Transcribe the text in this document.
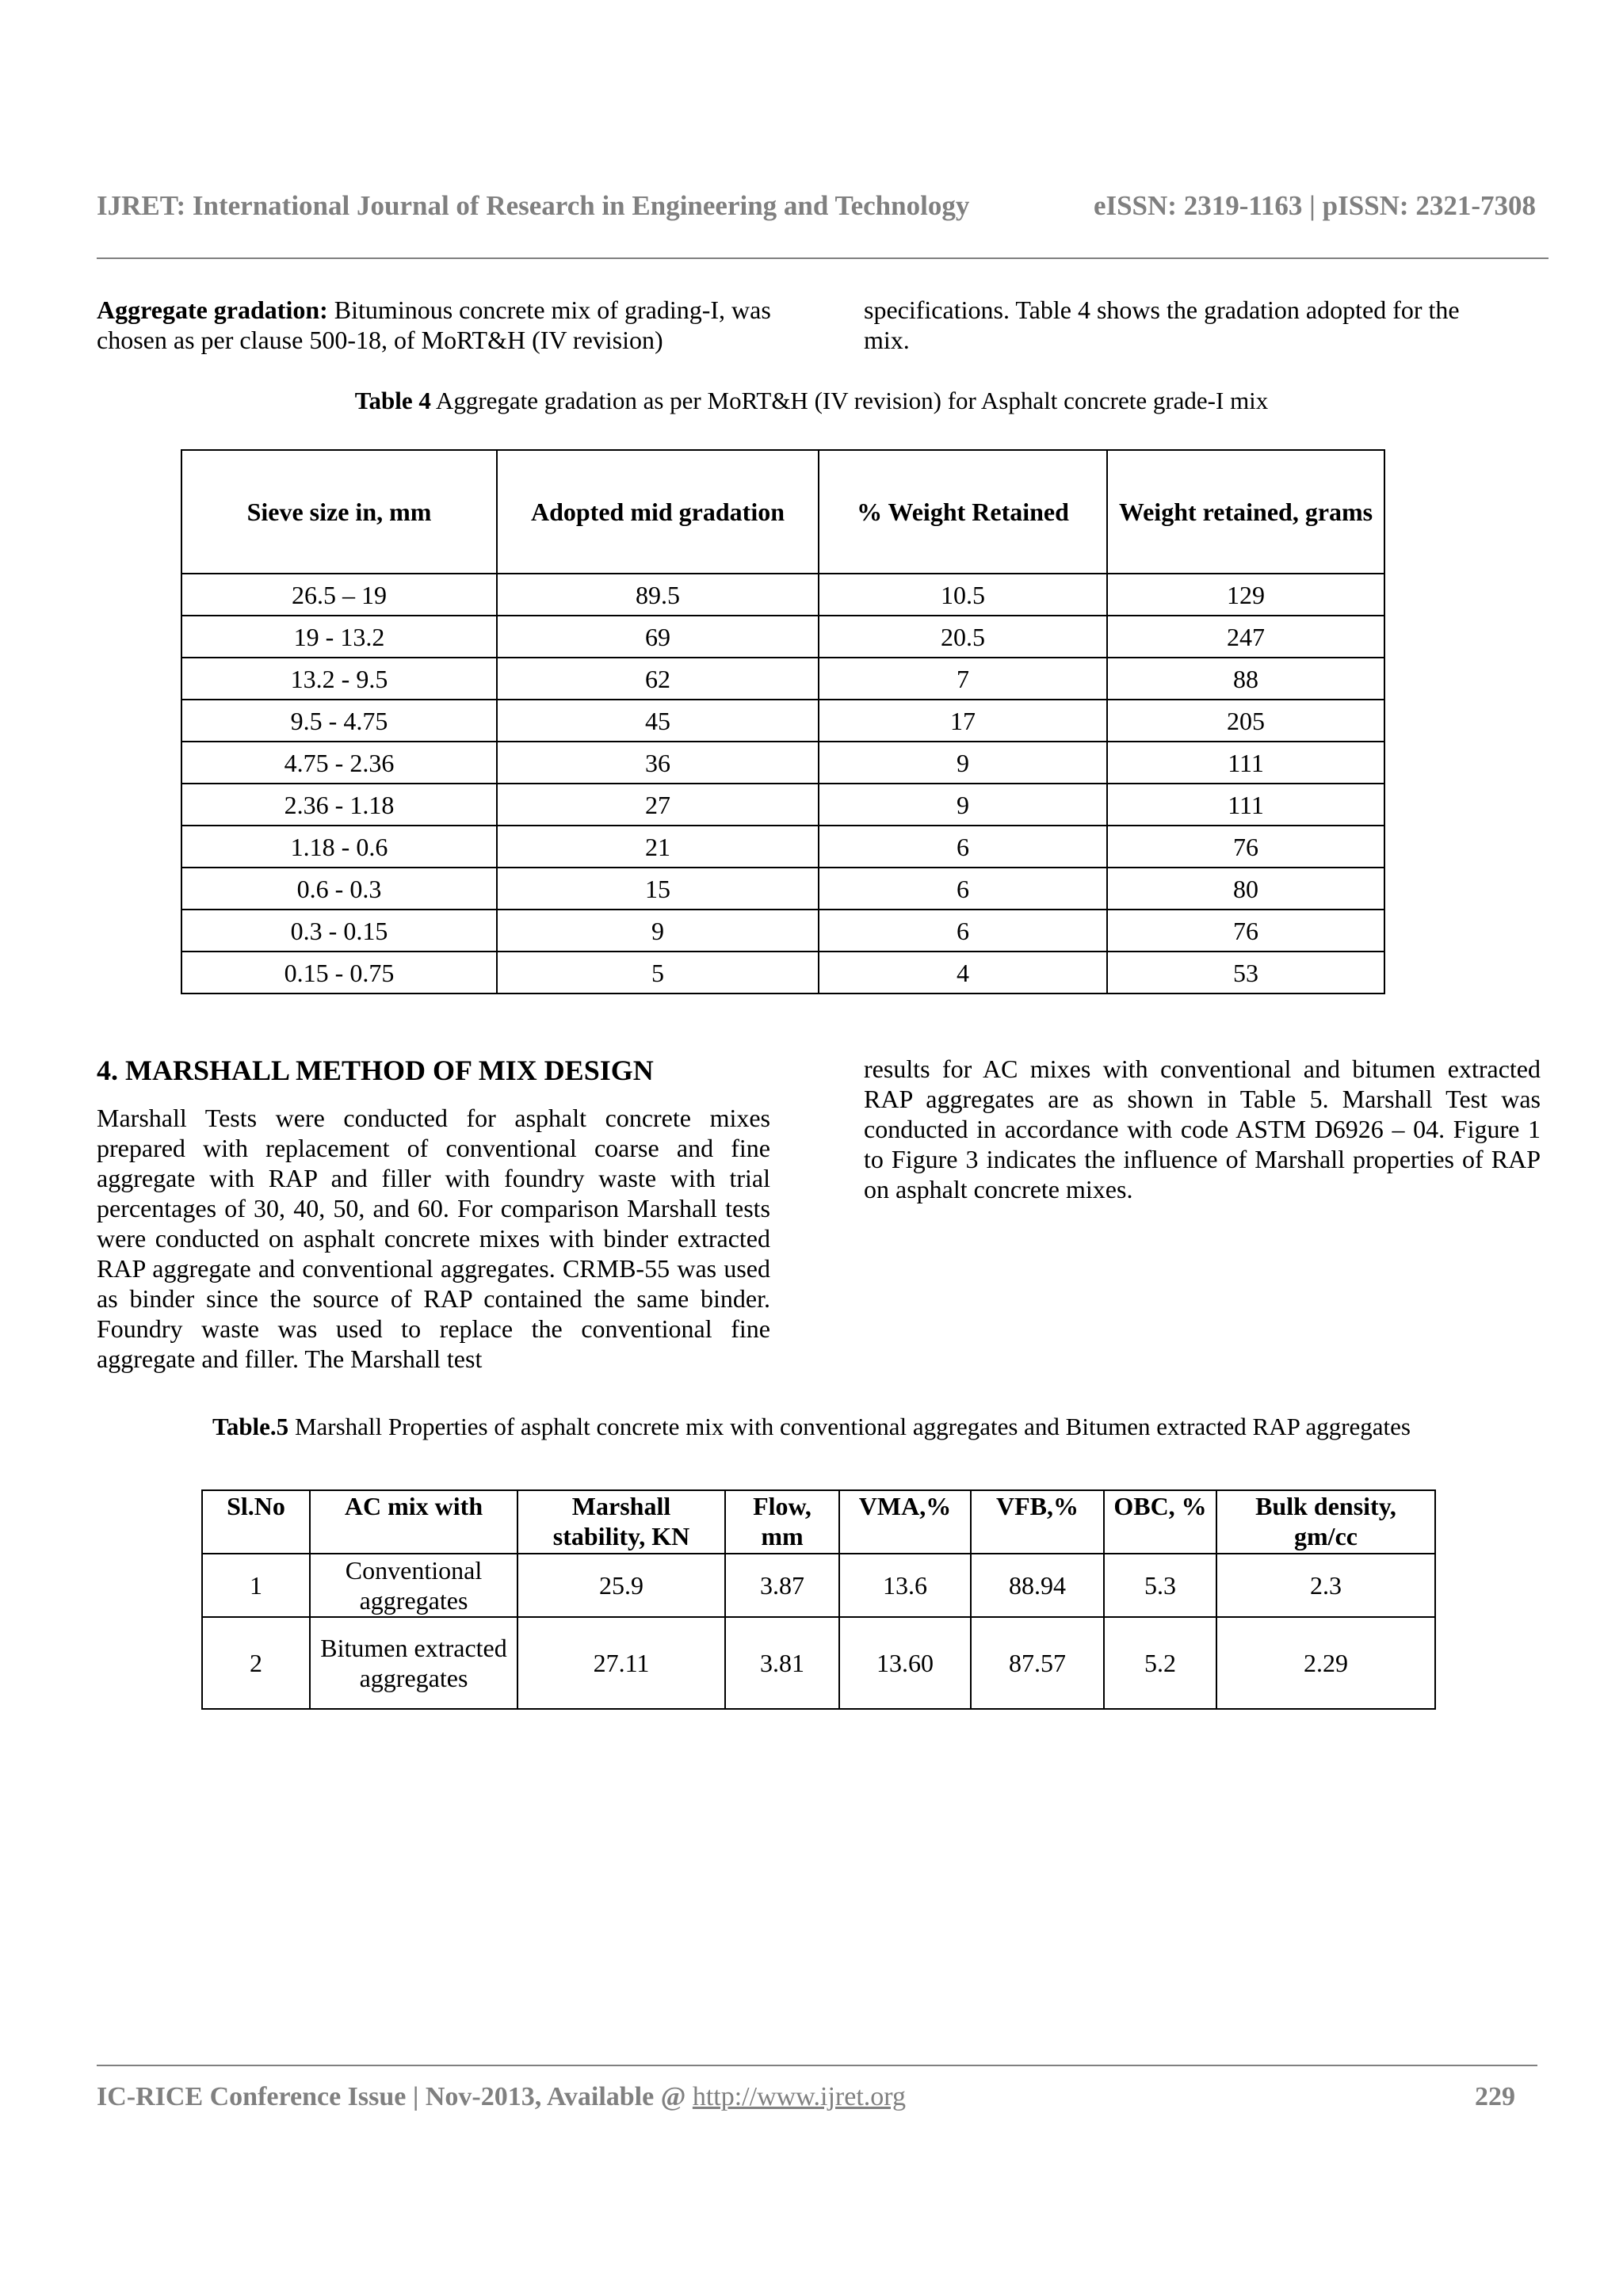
IJRET: International Journal of Research in Engineering and Technology	eISSN: 2319-1163 | pISSN: 2321-7308
Aggregate gradation: Bituminous concrete mix of grading-I, was chosen as per clause 500-18, of MoRT&H (IV revision)
specifications. Table 4 shows the gradation adopted for the mix.
Table 4 Aggregate gradation as per MoRT&H (IV revision) for Asphalt concrete grade-I mix
Sieve size in, mm	Adopted mid gradation	% Weight Retained	Weight retained, grams
26.5 – 19	89.5	10.5	129
19 - 13.2	69	20.5	247
13.2 - 9.5	62	7	88
9.5 - 4.75	45	17	205
4.75 - 2.36	36	9	111
2.36 - 1.18	27	9	111
1.18 - 0.6	21	6	76
0.6 - 0.3	15	6	80
0.3 - 0.15	9	6	76
0.15 - 0.75	5	4	53
4. MARSHALL METHOD OF MIX DESIGN
Marshall Tests were conducted for asphalt concrete mixes prepared with replacement of conventional coarse and fine aggregate with RAP and filler with foundry waste with trial percentages of 30, 40, 50, and 60. For comparison Marshall tests were conducted on asphalt concrete mixes with binder extracted RAP aggregate and conventional aggregates. CRMB-55 was used as binder since the source of RAP contained the same binder. Foundry waste was used to replace the conventional fine aggregate and filler. The Marshall test
results for AC mixes with conventional and bitumen extracted RAP aggregates are as shown in Table 5. Marshall Test was conducted in accordance with code ASTM D6926 – 04. Figure 1 to Figure 3 indicates the influence of Marshall properties of RAP on asphalt concrete mixes.
Table.5 Marshall Properties of asphalt concrete mix with conventional aggregates and Bitumen extracted RAP aggregates
Sl.No	AC mix with	Marshall stability, KN	Flow, mm	VMA,%	VFB,%	OBC, %	Bulk density, gm/cc
1	Conventional aggregates	25.9	3.87	13.6	88.94	5.3	2.3
2	Bitumen extracted aggregates	27.11	3.81	13.60	87.57	5.2	2.29
IC-RICE Conference Issue | Nov-2013, Available @ http://www.ijret.org	229
